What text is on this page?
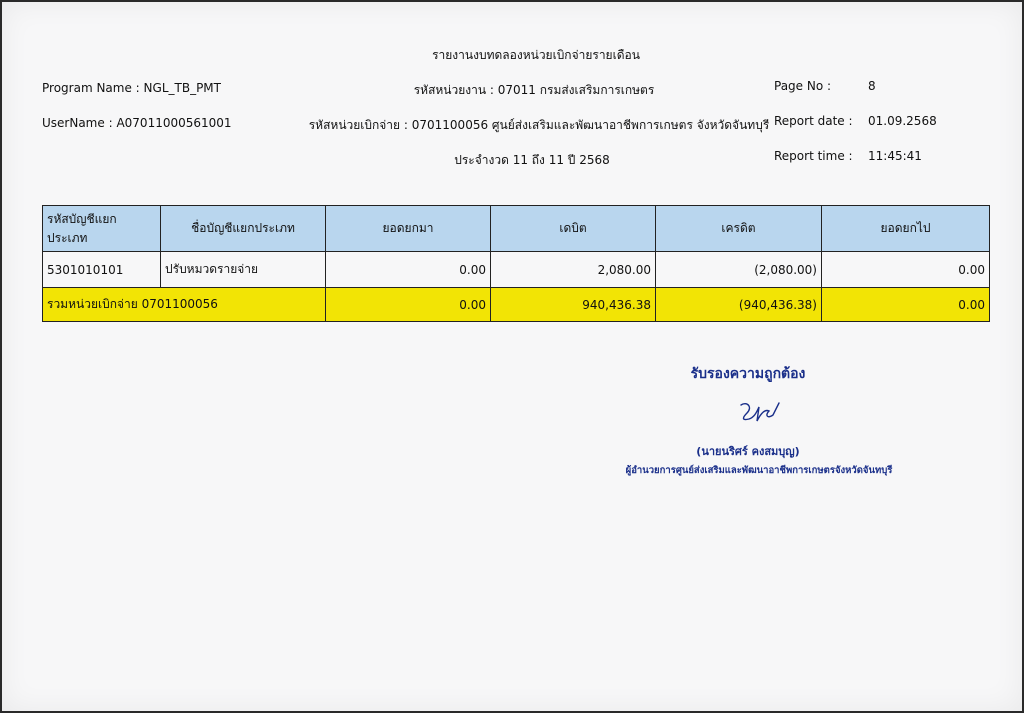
รายงานงบทดลองหน่วยเบิกจ่ายรายเดือน
Program Name : NGL_TB_PMT
UserName : A07011000561001
รหัสหน่วยงาน : 07011 กรมส่งเสริมการเกษตร
รหัสหน่วยเบิกจ่าย : 0701100056 ศูนย์ส่งเสริมและพัฒนาอาชีพการเกษตร จังหวัดจันทบุรี
ประจำงวด 11 ถึง 11 ปี 2568
Page No :	8
Report date : 01.09.2568
Report time : 11:45:41
รหัสบัญชีแยกประเภท	ชื่อบัญชีแยกประเภท	ยอดยกมา	เดบิต	เครดิต	ยอดยกไป
5301010101	ปรับหมวดรายจ่าย	0.00	2,080.00	(2,080.00)	0.00
รวมหน่วยเบิกจ่าย 0701100056		0.00	940,436.38	(940,436.38)	0.00
รับรองความถูกต้อง
(นายนริศร์ คงสมบุญ)
ผู้อำนวยการศูนย์ส่งเสริมและพัฒนาอาชีพการเกษตรจังหวัดจันทบุรี
